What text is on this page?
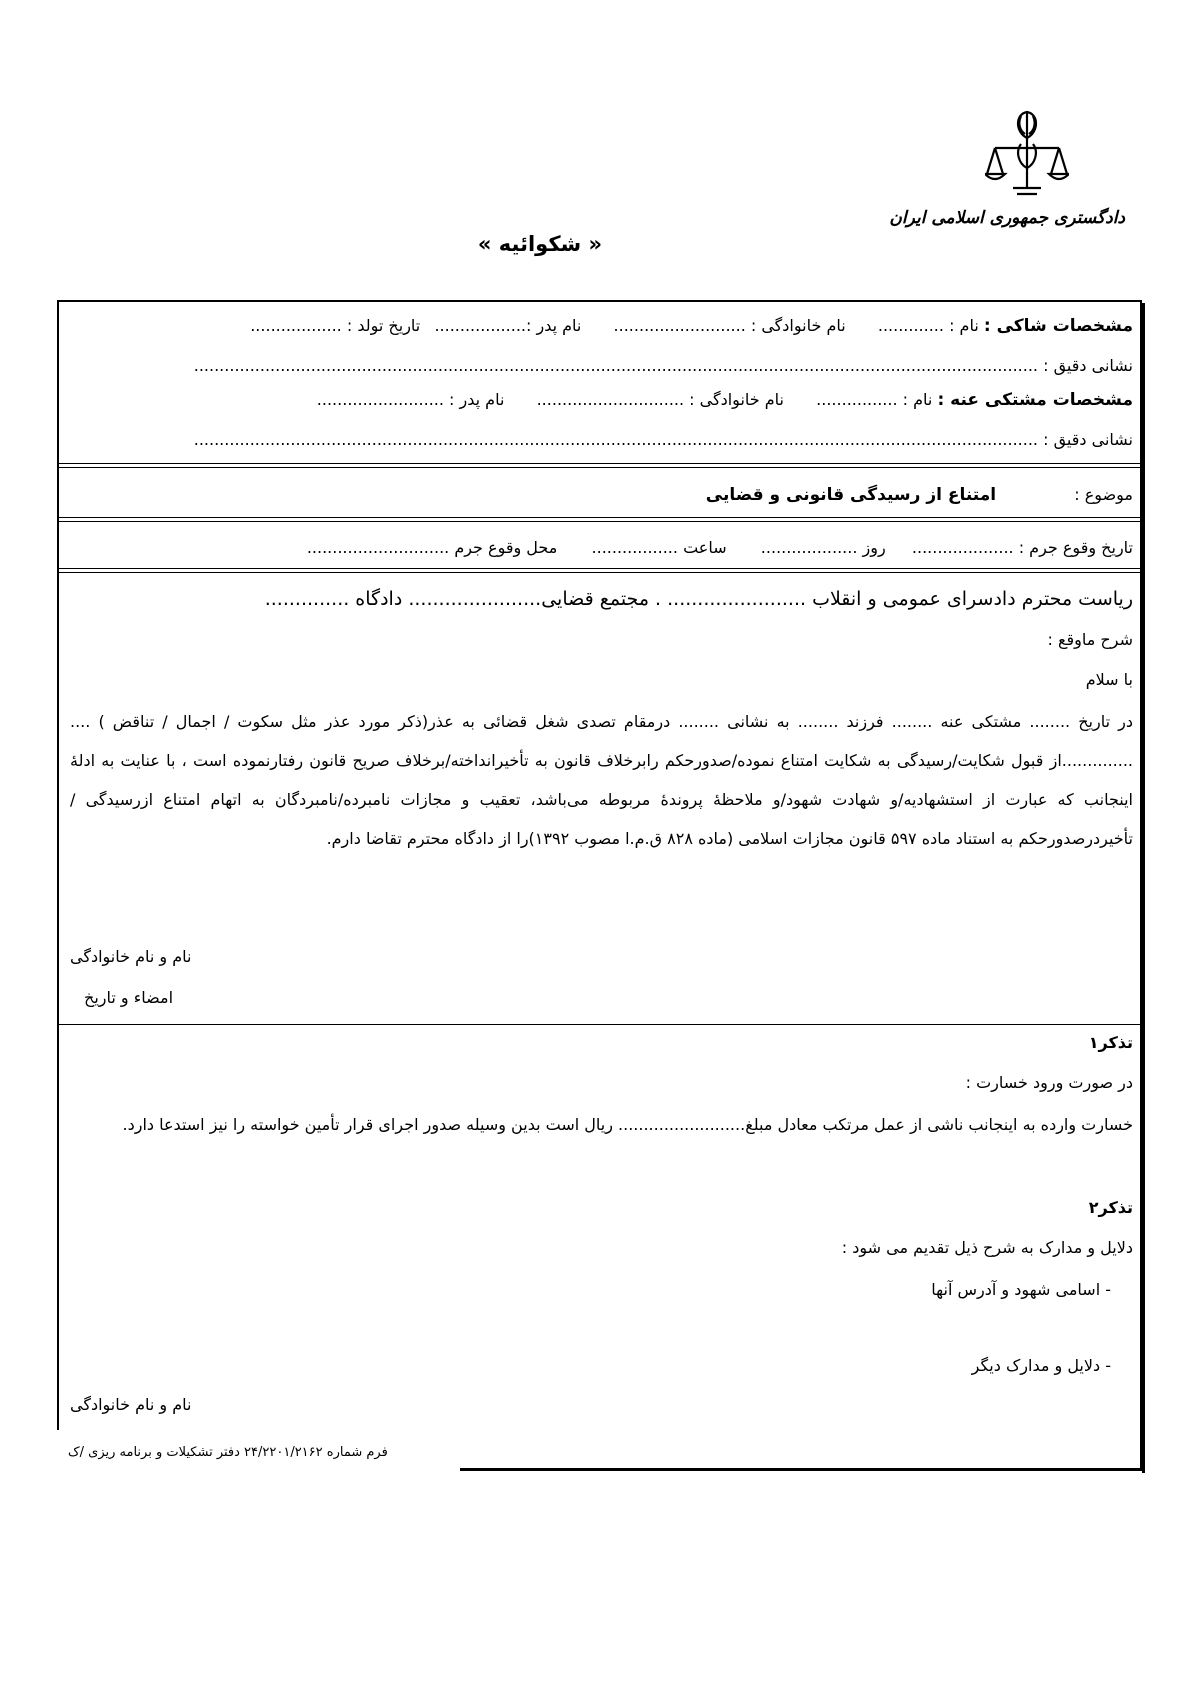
دادگستری جمهوری اسلامی ایران
« شکوائیه »
مشخصات شاکی : نام : .............  نام خانوادگی : ..........................  نام پدر :..................  تاریخ تولد : ..................
نشانی دقیق : ......................................................................................................................................................................
مشخصات مشتکی عنه : نام : ................  نام خانوادگی : .............................  نام پدر : .........................
نشانی دقیق : ......................................................................................................................................................................
موضوع :  امتناع از رسیدگی قانونی و قضایی
تاریخ وقوع جرم : ....................  روز ...................  ساعت .................  محل وقوع جرم ............................
ریاست محترم دادسرای عمومی و انقلاب ....................... . مجتمع قضایی...................... دادگاه ..............
شرح ماوقع :
با سلام
در تاریخ ........ مشتکی عنه ........ فرزند ........ به نشانی ........ درمقام تصدی شغل قضائی به عذر(ذکر مورد عذر مثل سکوت / اجمال / تناقض ) .... ..............از قبول شکایت/رسیدگی به شکایت امتناع نموده/صدورحکم رابرخلاف قانون به تأخیرانداخته/برخلاف صریح قانون رفتارنموده است ، با عنایت به ادلهٔ اینجانب که عبارت از استشهادیه/و شهادت شهود/و ملاحظهٔ پروندهٔ مربوطه می‌باشد، تعقیب و مجازات نامبرده/نامبردگان به اتهام امتناع ازرسیدگی / تأخیردرصدورحکم به استناد ماده ۵۹۷ قانون مجازات اسلامی (ماده ۸۲۸ ق.م.ا مصوب ۱۳۹۲)را از دادگاه محترم تقاضا دارم.
نام و نام خانوادگی
امضاء و تاریخ
تذکر۱
در صورت ورود خسارت :
خسارت وارده به اینجانب ناشی از عمل مرتکب معادل مبلغ......................... ریال است بدین وسیله صدور اجرای قرار تأمین خواسته را نیز استدعا دارد.
تذکر۲
دلایل و مدارک به شرح ذیل تقدیم می شود :
- اسامی شهود و آدرس آنها
- دلایل و مدارک دیگر
نام و نام خانوادگی
فرم شماره ۲۴/۲۲۰۱/۲۱۶۲ دفتر تشکیلات و برنامه ریزی /ک
